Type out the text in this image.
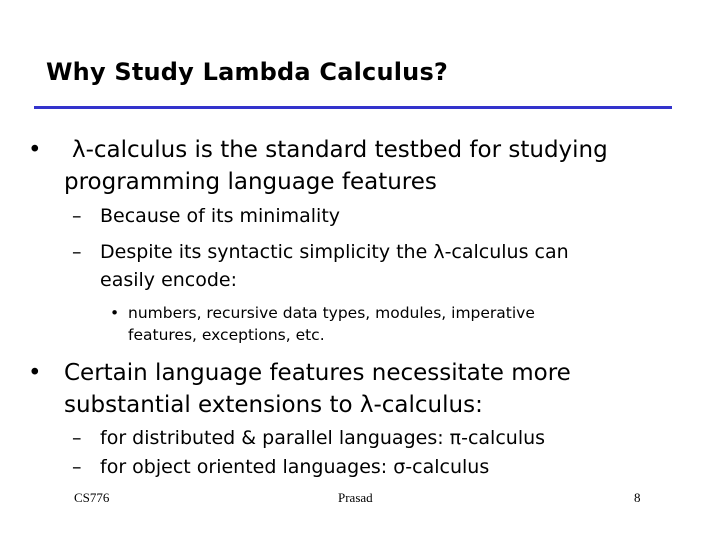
Why Study Lambda Calculus?
• λ-calculus is the standard testbed for studying
programming language features
– Because of its minimality
– Despite its syntactic simplicity the λ-calculus can
easily encode:
• numbers, recursive data types, modules, imperative
features, exceptions, etc.
• Certain language features necessitate more
substantial extensions to λ-calculus:
– for distributed & parallel languages: π-calculus
– for object oriented languages: σ-calculus
CS776	Prasad	8
